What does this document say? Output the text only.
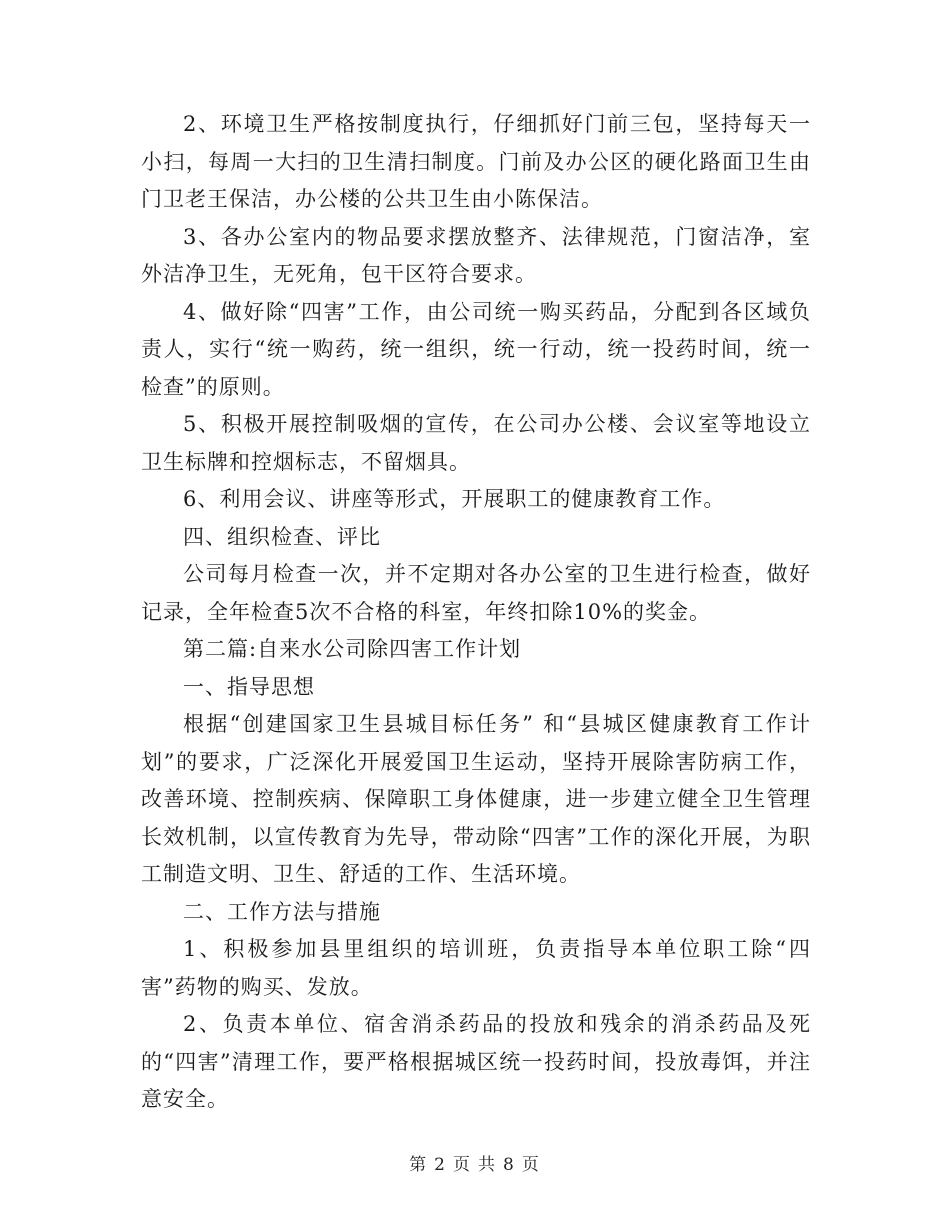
2、环境卫生严格按制度执行，仔细抓好门前三包，坚持每天一小扫，每周一大扫的卫生清扫制度。门前及办公区的硬化路面卫生由门卫老王保洁，办公楼的公共卫生由小陈保洁。

3、各办公室内的物品要求摆放整齐、法律规范，门窗洁净，室外洁净卫生，无死角，包干区符合要求。

4、做好除“四害”工作，由公司统一购买药品，分配到各区域负责人，实行“统一购药，统一组织，统一行动，统一投药时间，统一检查”的原则。

5、积极开展控制吸烟的宣传，在公司办公楼、会议室等地设立卫生标牌和控烟标志，不留烟具。

6、利用会议、讲座等形式，开展职工的健康教育工作。

四、组织检查、评比

公司每月检查一次，并不定期对各办公室的卫生进行检查，做好记录，全年检查5次不合格的科室，年终扣除10%的奖金。

第二篇:自来水公司除四害工作计划

一、指导思想

根据“创建国家卫生县城目标任务” 和“县城区健康教育工作计划”的要求，广泛深化开展爱国卫生运动，坚持开展除害防病工作，改善环境、控制疾病、保障职工身体健康，进一步建立健全卫生管理长效机制，以宣传教育为先导，带动除“四害”工作的深化开展，为职工制造文明、卫生、舒适的工作、生活环境。

二、工作方法与措施

1、积极参加县里组织的培训班，负责指导本单位职工除“四害”药物的购买、发放。

2、负责本单位、宿舍消杀药品的投放和残余的消杀药品及死的“四害”清理工作，要严格根据城区统一投药时间，投放毒饵，并注意安全。

第 2 页 共 8 页
